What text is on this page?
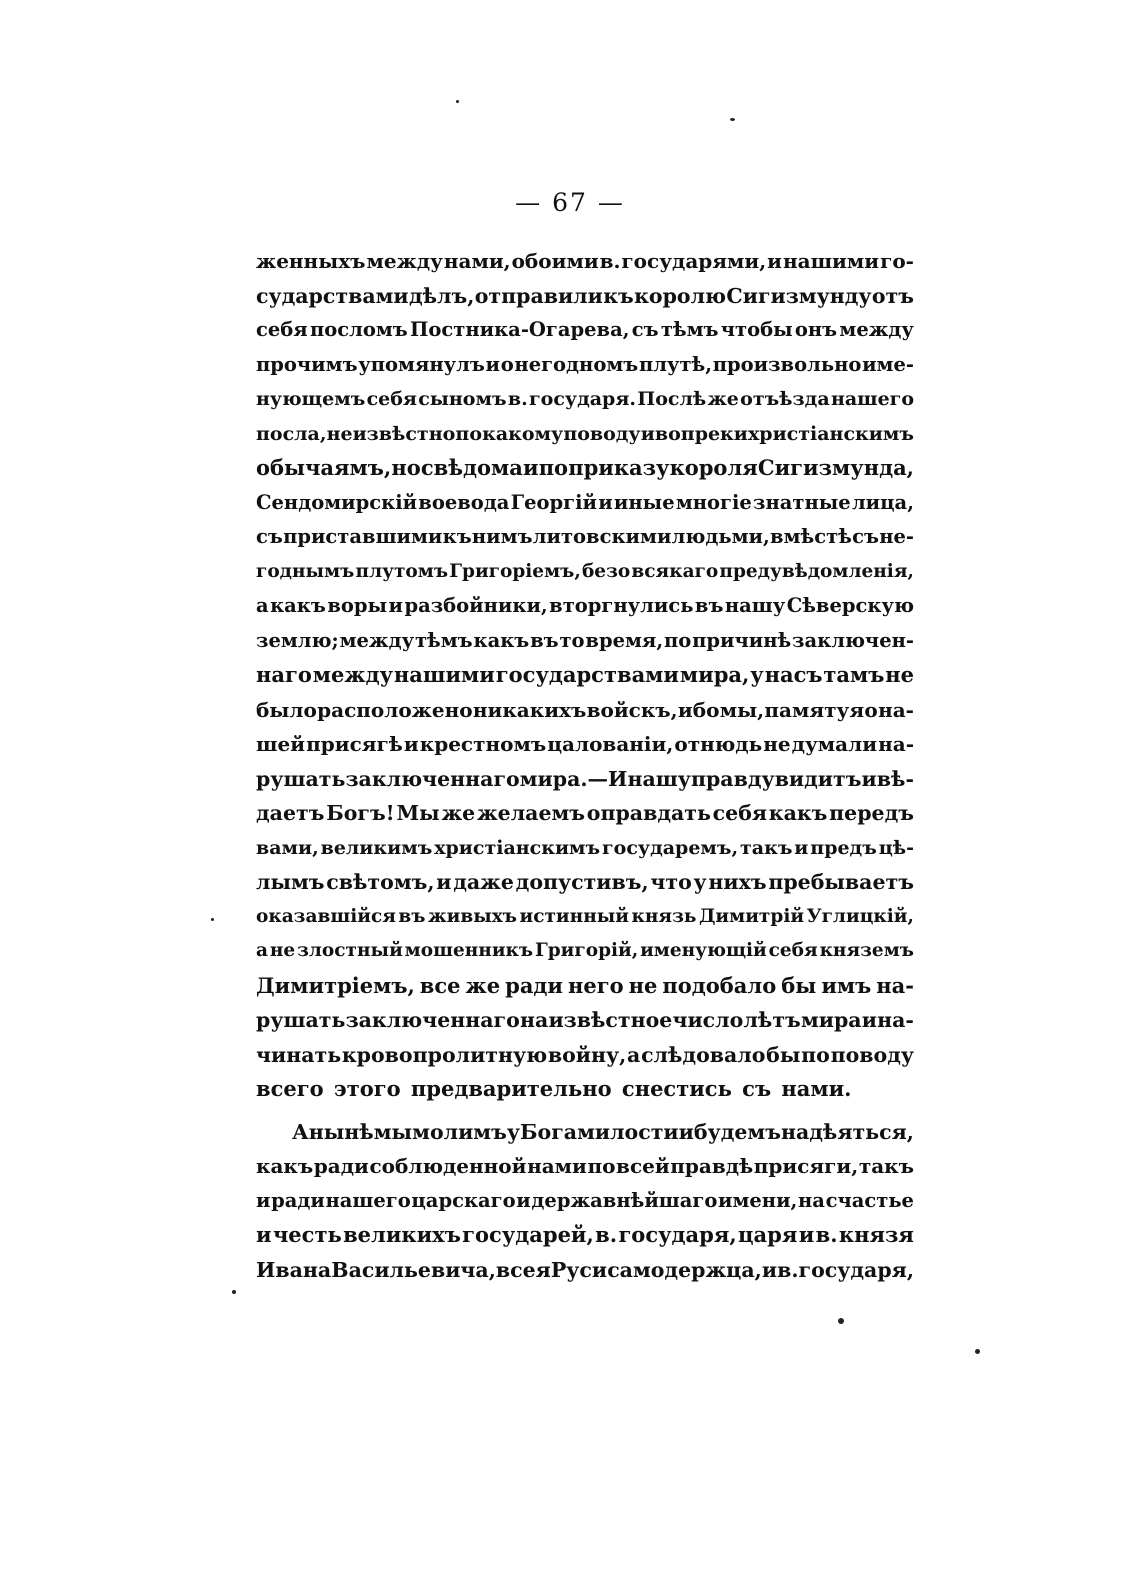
— 67 —
женныхъ между нами, обоими в. государями, и нашими го-
сударствами дѣлъ, отправили къ королю Сигизмунду отъ
себя посломъ Постника-Огарева, съ тѣмъ чтобы онъ между
прочимъ упомянулъ и о негодномъ плутѣ, произвольно име-
нующемъ себя сыномъ в. государя. Послѣ же отъѣзда нашего
посла, неизвѣстно по какому поводу и вопреки христіанскимъ
обычаямъ, но свѣдома и по приказу короля Сигизмунда,
Сендомирскій воевода Георгій и иные многіе знатные лица,
съ приставшими къ нимъ литовскими людьми, вмѣстѣ съ не-
годнымъ плутомъ Григоріемъ, безо всякаго предувѣдомленія,
а какъ воры и разбойники, вторгнулись въ нашу Сѣверскую
землю; между тѣмъ какъ въ то время, по причинѣ заключен-
наго между нашими государствами мира, у насъ тамъ не
было расположено никакихъ войскъ, ибо мы, памятуя о на-
шей присягѣ и крестномъ цалованіи, отнюдь не думали на-
рушать заключеннаго мира.—И нашу правду видитъ и вѣ-
даетъ Богъ! Мы же желаемъ оправдать себя какъ передъ
вами, великимъ христіанскимъ государемъ, такъ и предъ цѣ-
лымъ свѣтомъ, и даже допустивъ, что у нихъ пребываетъ
оказавшійся въ живыхъ истинный князь Димитрій Углицкій,
а не злостный мошенникъ Григорій, именующій себя княземъ
Димитріемъ, все же ради него не подобало бы имъ на-
рушать заключеннаго на извѣстное число лѣтъ мира и на-
чинать кровопролитную войну, а слѣдовало бы по поводу
всего этого предварительно снестись съ нами.
А нынѣ мы молимъ у Бога милости и будемъ надѣяться,
какъ ради соблюденной нами по всей правдѣ присяги, такъ
и ради нашего царскаго и державнѣйшаго имени, на счастье
и честь великихъ государей, в. государя, царя и в. князя
Ивана Васильевича, всея Руси самодержца, и в. государя,
